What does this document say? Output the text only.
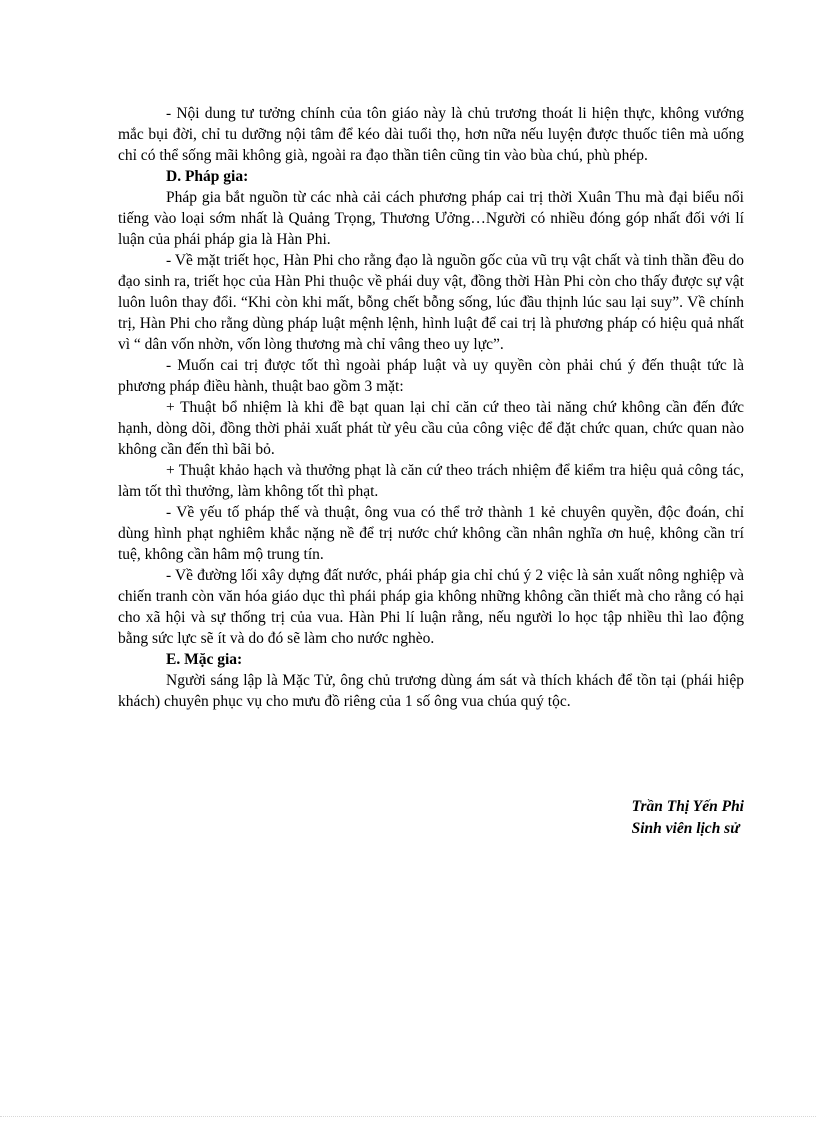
- Nội dung tư tưởng chính của tôn giáo này là chủ trương thoát li hiện thực, không vướng mắc bụi đời, chỉ tu dưỡng nội tâm để kéo dài tuổi thọ, hơn nữa nếu luyện được thuốc tiên mà uống chỉ có thể sống mãi không già, ngoài ra đạo thần tiên cũng tin vào bùa chú, phù phép.

D. Pháp gia:

Pháp gia bắt nguồn từ các nhà cải cách phương pháp cai trị thời Xuân Thu mà đại biểu nổi tiếng vào loại sớm nhất là Quảng Trọng, Thương Ưởng…Người có nhiều đóng góp nhất đối với lí luận của phái pháp gia là Hàn Phi.

- Về mặt triết học, Hàn Phi cho rằng đạo là nguồn gốc của vũ trụ vật chất và tinh thần đều do đạo sinh ra, triết học của Hàn Phi thuộc về phái duy vật, đồng thời Hàn Phi còn cho thấy được sự vật luôn luôn thay đổi. “Khi còn khi mất, bỗng chết bỗng sống, lúc đầu thịnh lúc sau lại suy”. Về chính trị, Hàn Phi cho rằng dùng pháp luật mệnh lệnh, hình luật để cai trị là phương pháp có hiệu quả nhất vì “ dân vốn nhờn, vốn lòng thương mà chỉ vâng theo uy lực”.

- Muốn cai trị được tốt thì ngoài pháp luật và uy quyền còn phải chú ý đến thuật tức là phương pháp điều hành, thuật bao gồm 3 mặt:

+ Thuật bổ nhiệm là khi đề bạt quan lại chỉ căn cứ theo tài năng chứ không cần đến đức hạnh, dòng dõi, đồng thời phải xuất phát từ yêu cầu của công việc để đặt chức quan, chức quan nào không cần đến thì bãi bỏ.

+ Thuật khảo hạch và thưởng phạt là căn cứ theo trách nhiệm để kiểm tra hiệu quả công tác, làm tốt thì thưởng, làm không tốt thì phạt.

- Về yếu tố pháp thế và thuật, ông vua có thể trở thành 1 kẻ chuyên quyền, độc đoán, chỉ dùng hình phạt nghiêm khắc nặng nề để trị nước chứ không cần nhân nghĩa ơn huệ, không cần trí tuệ, không cần hâm mộ trung tín.

- Về đường lối xây dựng đất nước, phái pháp gia chỉ chú ý 2 việc là sản xuất nông nghiệp và chiến tranh còn văn hóa giáo dục thì phái pháp gia không những không cần thiết mà cho rằng có hại cho xã hội và sự thống trị của vua. Hàn Phi lí luận rằng, nếu người lo học tập nhiều thì lao động bằng sức lực sẽ ít và do đó sẽ làm cho nước nghèo.

E. Mặc gia:

Người sáng lập là Mặc Tử, ông chủ trương dùng ám sát và thích khách để tồn tại (phái hiệp khách) chuyên phục vụ cho mưu đồ riêng của 1 số ông vua chúa quý tộc.

Trần Thị Yến Phi
Sinh viên lịch sử
